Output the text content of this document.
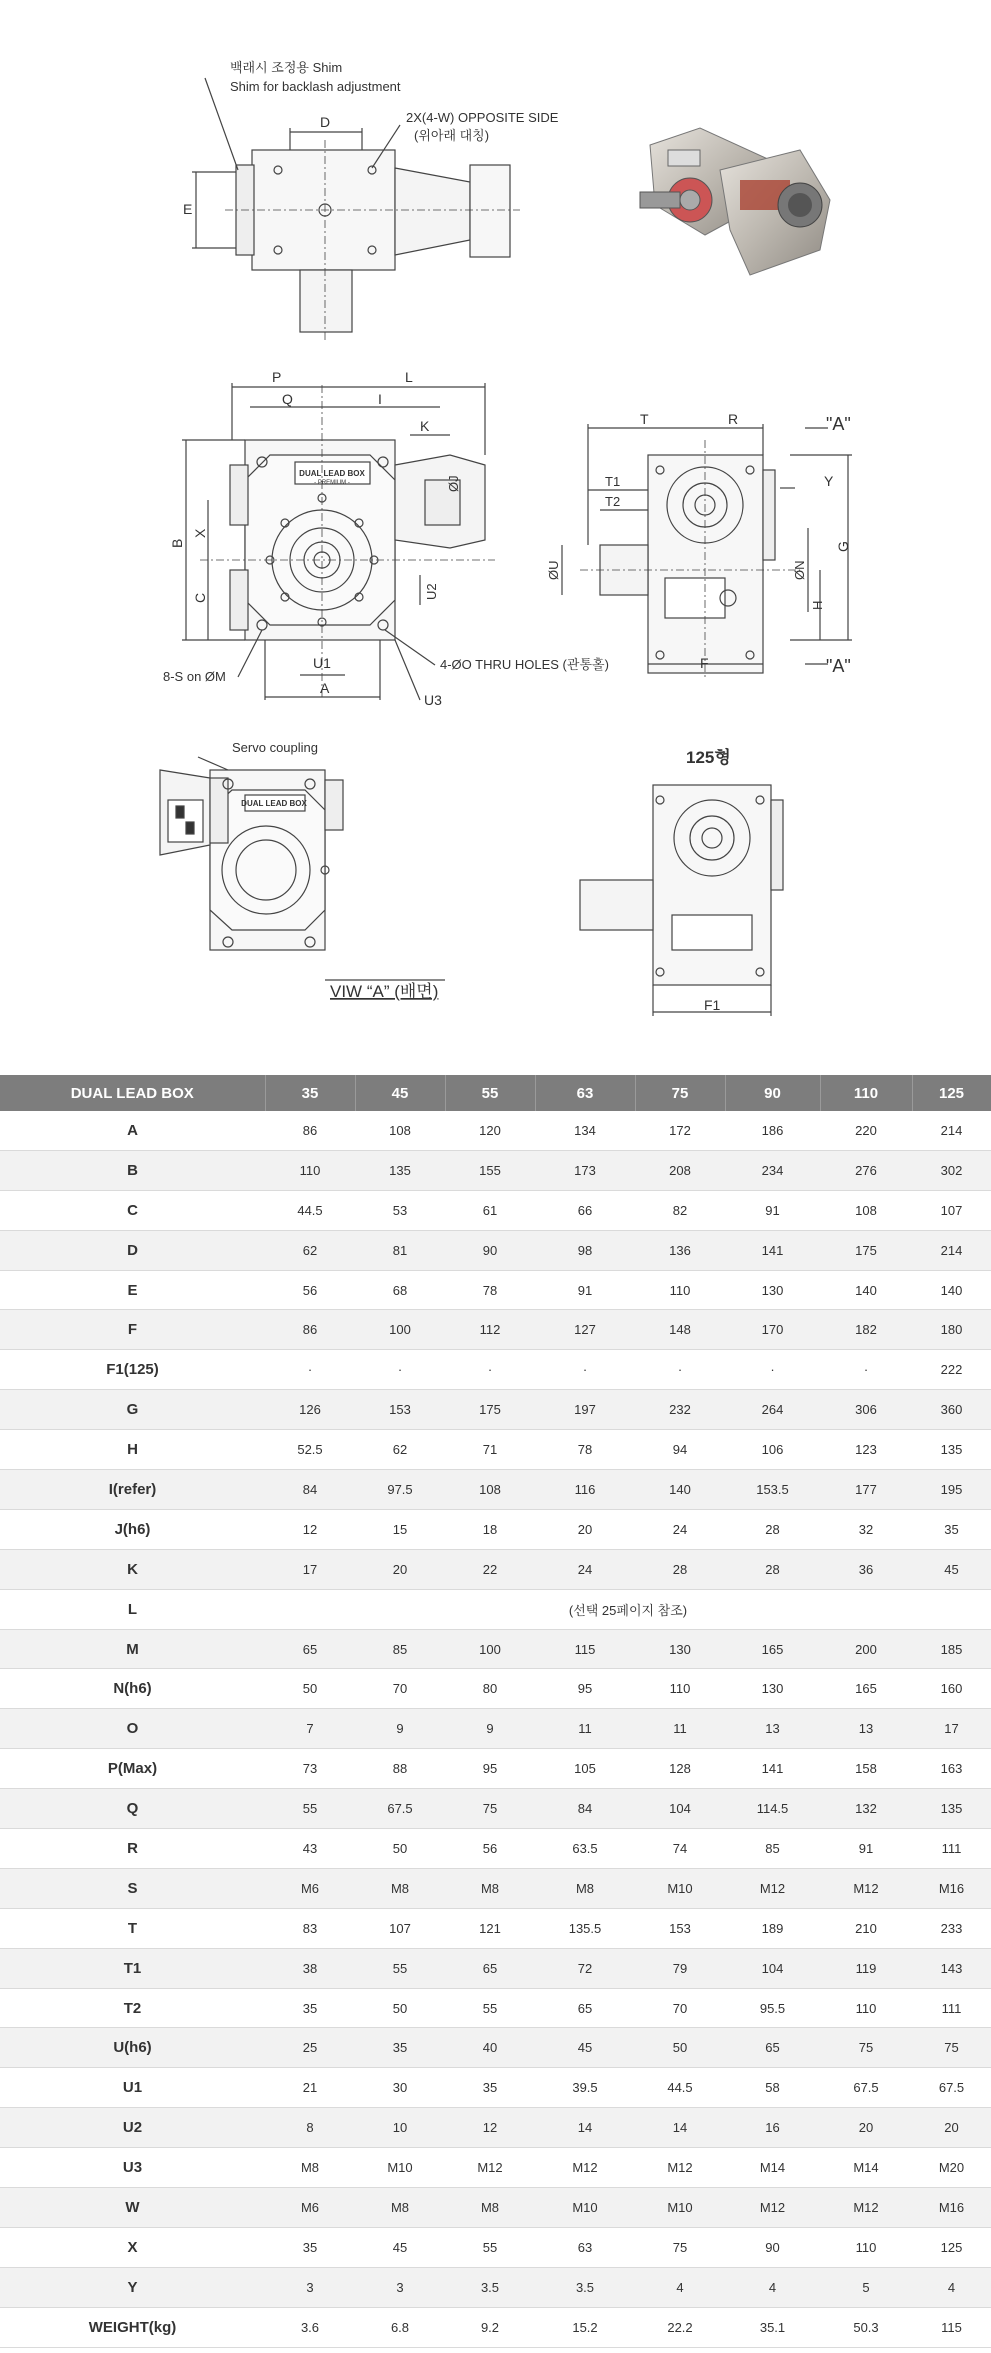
백래시 조정용 Shim
Shim for backlash adjustment
2X(4-W) OPPOSITE SIDE
(위아래 대칭)
D
E
DUAL LEAD BOX
- PREMIUM -
P	L
Q	I
K
ØJ
B
X
C	U2
U1
A
U3
8-S on ØM
4-ØO THRU HOLES (관통홀)
T	R	"A"
T1
T2
Y
ØU	ØN
H
G
F	"A"
DUAL LEAD BOX
Servo coupling
VIW “A” (배면)
125형
F1
DUAL LEAD BOX	35	45	55	63	75	90	110	125
A	86	108	120	134	172	186	220	214
B	110	135	155	173	208	234	276	302
C	44.5	53	61	66	82	91	108	107
D	62	81	90	98	136	141	175	214
E	56	68	78	91	110	130	140	140
F	86	100	112	127	148	170	182	180
F1(125)	·	·	·	·	·	·	·	222
G	126	153	175	197	232	264	306	360
H	52.5	62	71	78	94	106	123	135
I(refer)	84	97.5	108	116	140	153.5	177	195
J(h6)	12	15	18	20	24	28	32	35
K	17	20	22	24	28	28	36	45
L	(선택 25페이지 참조)							
M	65	85	100	115	130	165	200	185
N(h6)	50	70	80	95	110	130	165	160
O	7	9	9	11	11	13	13	17
P(Max)	73	88	95	105	128	141	158	163
Q	55	67.5	75	84	104	114.5	132	135
R	43	50	56	63.5	74	85	91	111
S	M6	M8	M8	M8	M10	M12	M12	M16
T	83	107	121	135.5	153	189	210	233
T1	38	55	65	72	79	104	119	143
T2	35	50	55	65	70	95.5	110	111
U(h6)	25	35	40	45	50	65	75	75
U1	21	30	35	39.5	44.5	58	67.5	67.5
U2	8	10	12	14	14	16	20	20
U3	M8	M10	M12	M12	M12	M14	M14	M20
W	M6	M8	M8	M10	M10	M12	M12	M16
X	35	45	55	63	75	90	110	125
Y	3	3	3.5	3.5	4	4	5	4
WEIGHT(kg)	3.6	6.8	9.2	15.2	22.2	35.1	50.3	115
